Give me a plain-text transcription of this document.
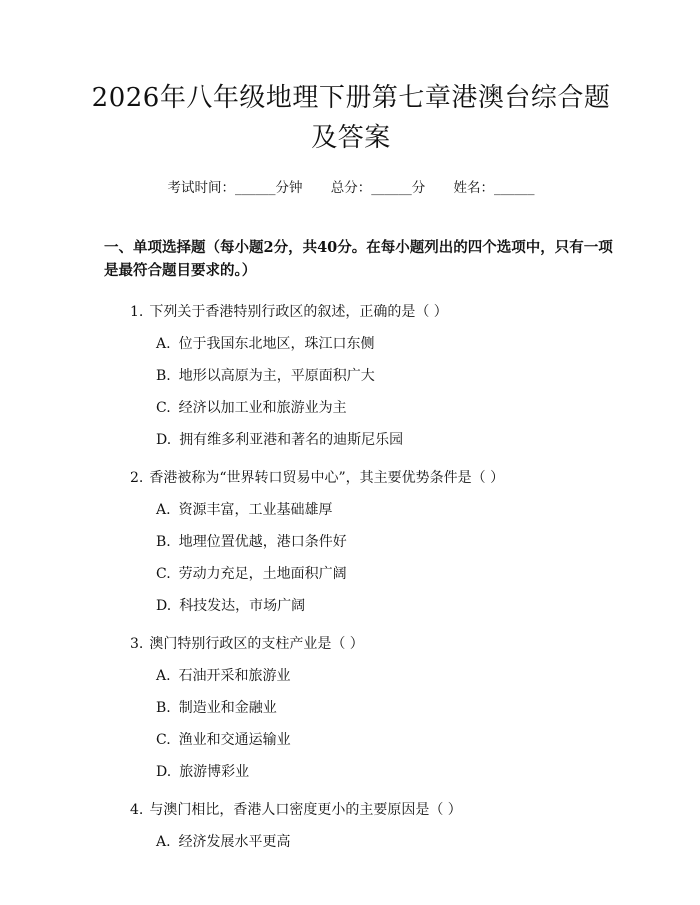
2026年八年级地理下册第七章港澳台综合题
及答案
考试时间：______分钟 总分：______分 姓名：______
一、单项选择题（每小题2分，共40分。在每小题列出的四个选项中，只有一项是最符合题目要求的。）
1. 下列关于香港特别行政区的叙述，正确的是（ ）
A. 位于我国东北地区，珠江口东侧
B. 地形以高原为主，平原面积广大
C. 经济以加工业和旅游业为主
D. 拥有维多利亚港和著名的迪斯尼乐园
2. 香港被称为“世界转口贸易中心”，其主要优势条件是（ ）
A. 资源丰富，工业基础雄厚
B. 地理位置优越，港口条件好
C. 劳动力充足，土地面积广阔
D. 科技发达，市场广阔
3. 澳门特别行政区的支柱产业是（ ）
A. 石油开采和旅游业
B. 制造业和金融业
C. 渔业和交通运输业
D. 旅游博彩业
4. 与澳门相比，香港人口密度更小的主要原因是（ ）
A. 经济发展水平更高
